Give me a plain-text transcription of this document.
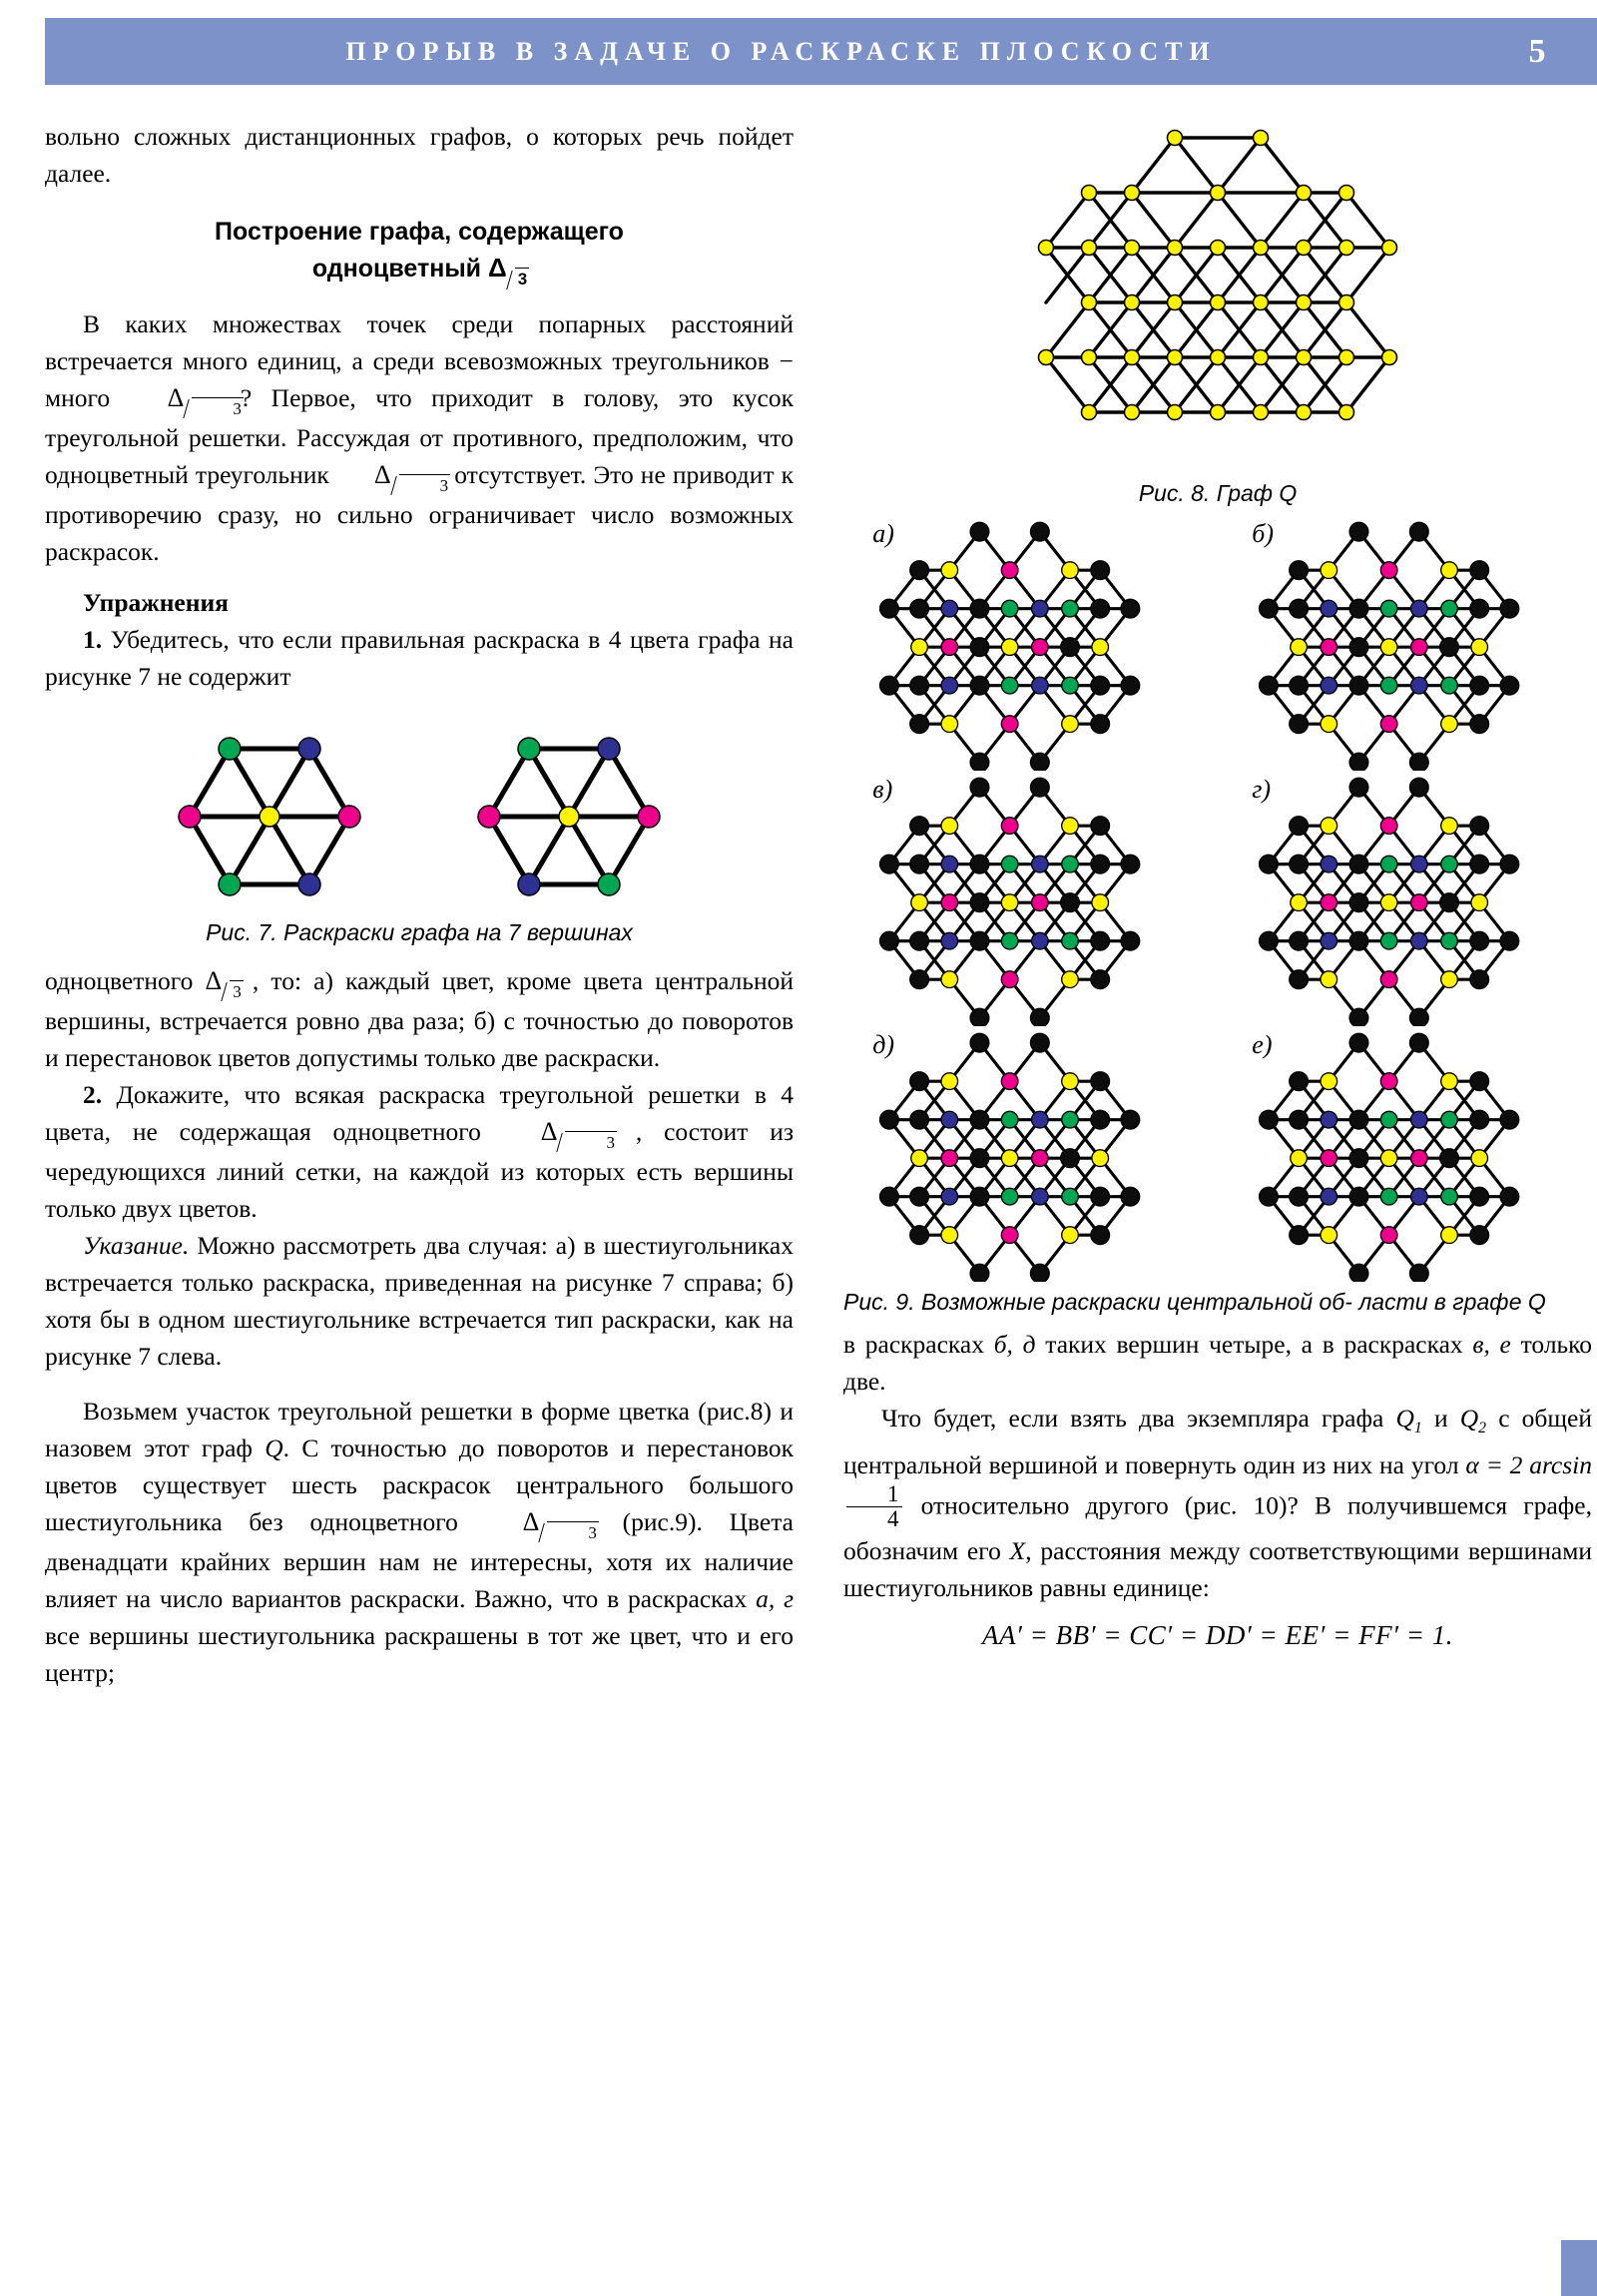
ПРОРЫВ В ЗАДАЧЕ О РАСКРАСКЕ ПЛОСКОСТИ	5

вольно сложных дистанционных графов, о которых речь пойдет далее.

Построение графа, содержащего
одноцветный Δ $_3$

В каких множествах точек среди попарных расстояний встречается много единиц, а среди всевозможных треугольников − много Δ	$_3$? Первое, что приходит в голову, это кусок треугольной решетки. Рассуждая от противного, предположим, что одноцветный треугольник Δ	$_3$ отсутствует. Это не приводит к противоречию сразу, но сильно ограничивает число возможных раскрасок.

Упражнения

1. Убедитесь, что если правильная раскраска в 4 цвета графа на рисунке 7 не содержит

Рис. 7. Раскраски графа на 7 вершинах

одноцветного Δ $_3$ , то: а) каждый цвет, кроме цвета центральной вершины, встречается ровно два раза; б) с точностью до поворотов и перестановок цветов допустимы только две раскраски.

2. Докажите, что всякая раскраска треугольной решетки в 4 цвета, не содержащая одноцветного Δ	$_3$ , состоит из чередующихся линий сетки, на каждой из которых есть вершины только двух цветов.

Указание. Можно рассмотреть два случая: а) в шестиугольниках встречается только раскраска, приведенная на рисунке 7 справа; б) хотя бы в одном шестиугольнике встречается тип раскраски, как на рисунке 7 слева.

Возьмем участок треугольной решетки в форме цветка (рис.8) и назовем этот граф Q. С точностью до поворотов и перестановок цветов существует шесть раскрасок центрального большого шестиугольника без одноцветного Δ	$_3$ (рис.9). Цвета двенадцати крайних вершин нам не интересны, хотя их наличие влияет на число вариантов раскраски. Важно, что в раскрасках а, г все вершины шестиугольника раскрашены в тот же цвет, что и его центр;

Рис. 8. Граф Q
а)	б)
в)	г)
д)	е)
Рис. 9. Возможные раскраски центральной об- ласти в графе Q

в раскрасках б, д таких вершин четыре, а в раскрасках в, е только две.

Что будет, если взять два экземпляра графа $Q_1$ и $Q_2$ с общей центральной вершиной и повернуть один из них на угол α = 2 arcsin
$\frac{1}{4}$ относительно другого (рис. 10)? В получившемся графе, обозначим его X, расстояния между соответствующими вершинами шестиугольников равны единице:

AA′ = BB′ = CC′ = DD′ = EE′ = FF′ = 1.
